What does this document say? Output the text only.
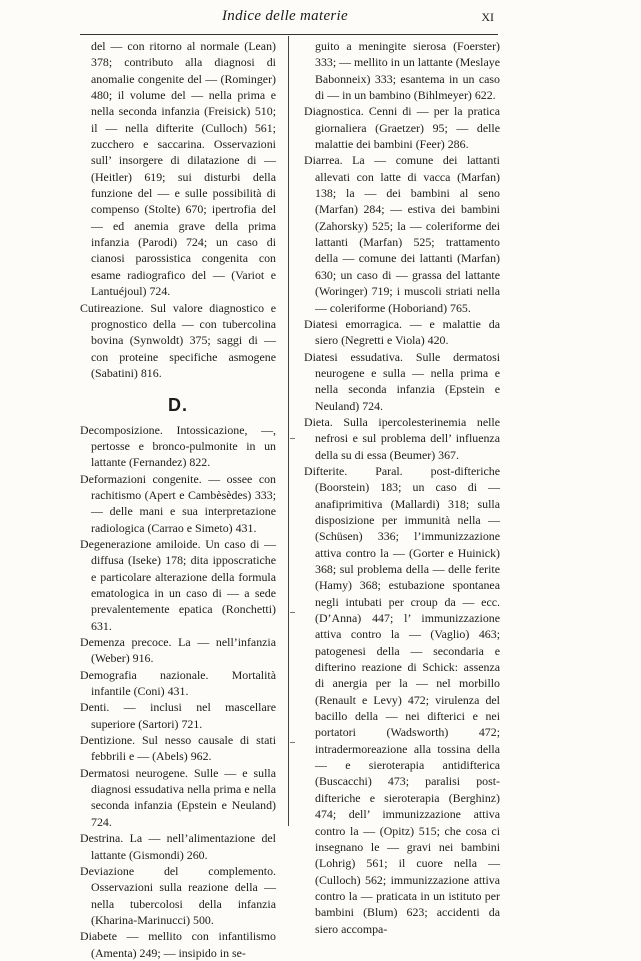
Indice delle materie	XI

del — con ritorno al normale (Lean) 378; contributo alla diagnosi di anomalie congenite del — (Rominger) 480; il volume del — nella prima e nella seconda infanzia (Freisick) 510; il — nella difterite (Culloch) 561; zucchero e saccarina. Osservazioni sull’ insorgere di dilatazione di — (Heitler) 619; sui disturbi della funzione del — e sulle possibilità di compenso (Stolte) 670; ipertrofia del — ed anemia grave della prima infanzia (Parodi) 724; un caso di cianosi parossistica congenita con esame radiografico del — (Variot e Lantuéjoul) 724.

Cutireazione. Sul valore diagnostico e prognostico della — con tubercolina bovina (Synwoldt) 375; saggi di — con proteine specifiche asmogene (Sabatini) 816.

D.

Decomposizione. Intossicazione, —, pertosse e bronco-pulmonite in un lattante (Fernandez) 822.

Deformazioni congenite. — ossee con rachitismo (Apert e Cambèsèdes) 333; — delle mani e sua interpretazione radiologica (Carrao e Simeto) 431.

Degenerazione amiloide. Un caso di — diffusa (Iseke) 178; dita ipposcratiche e particolare alterazione della formula ematologica in un caso di — a sede prevalentemente epatica (Ronchetti) 631.

Demenza precoce. La — nell’infanzia (Weber) 916.

Demografia nazionale. Mortalità infantile (Coni) 431.

Denti. — inclusi nel mascellare superiore (Sartori) 721.

Dentizione. Sul nesso causale di stati febbrili e — (Abels) 962.

Dermatosi neurogene. Sulle — e sulla diagnosi essudativa nella prima e nella seconda infanzia (Epstein e Neuland) 724.

Destrina. La — nell’alimentazione del lattante (Gismondi) 260.

Deviazione del complemento. Osservazioni sulla reazione della — nella tubercolosi della infanzia (Kharina-Marinucci) 500.

Diabete — mellito con infantilismo (Amenta) 249; — insipido in se-

guito a meningite sierosa (Foerster) 333; — mellito in un lattante (Meslaye Babonneix) 333; esantema in un caso di — in un bambino (Bihlmeyer) 622.

Diagnostica. Cenni di — per la pratica giornaliera (Graetzer) 95; — delle malattie dei bambini (Feer) 286.

Diarrea. La — comune dei lattanti allevati con latte di vacca (Marfan) 138; la — dei bambini al seno (Marfan) 284; — estiva dei bambini (Zahorsky) 525; la — coleriforme dei lattanti (Marfan) 525; trattamento della — comune dei lattanti (Marfan) 630; un caso di — grassa del lattante (Woringer) 719; i muscoli striati nella — coleriforme (Hoboriand) 765.

Diatesi emorragica. — e malattie da siero (Negretti e Viola) 420.

Diatesi essudativa. Sulle dermatosi neurogene e sulla — nella prima e nella seconda infanzia (Epstein e Neuland) 724.

Dieta. Sulla ipercolesterinemia nelle nefrosi e sul problema dell’ influenza della su di essa (Beumer) 367.

Difterite. Paral. post-difteriche (Boorstein) 183; un caso di — anafiprimitiva (Mallardi) 318; sulla disposizione per immunità nella — (Schüsen) 336; l’immunizzazione attiva contro la — (Gorter e Huinick) 368; sul problema della — delle ferite (Hamy) 368; estubazione spontanea negli intubati per croup da — ecc. (D’Anna) 447; l’ immunizzazione attiva contro la — (Vaglio) 463; patogenesi della — secondaria e difterino reazione di Schick: assenza di anergia per la — nel morbillo (Renault e Levy) 472; virulenza del bacillo della — nei difterici e nei portatori (Wadsworth) 472; intradermoreazione alla tossina della — e sieroterapia antidifterica (Buscacchi) 473; paralisi post-difteriche e sieroterapia (Berghinz) 474; dell’ immunizzazione attiva contro la — (Opitz) 515; che cosa ci insegnano le — gravi nei bambini (Lohrig) 561; il cuore nella — (Culloch) 562; immunizzazione attiva contro la — praticata in un istituto per bambini (Blum) 623; accidenti da siero accompa-
